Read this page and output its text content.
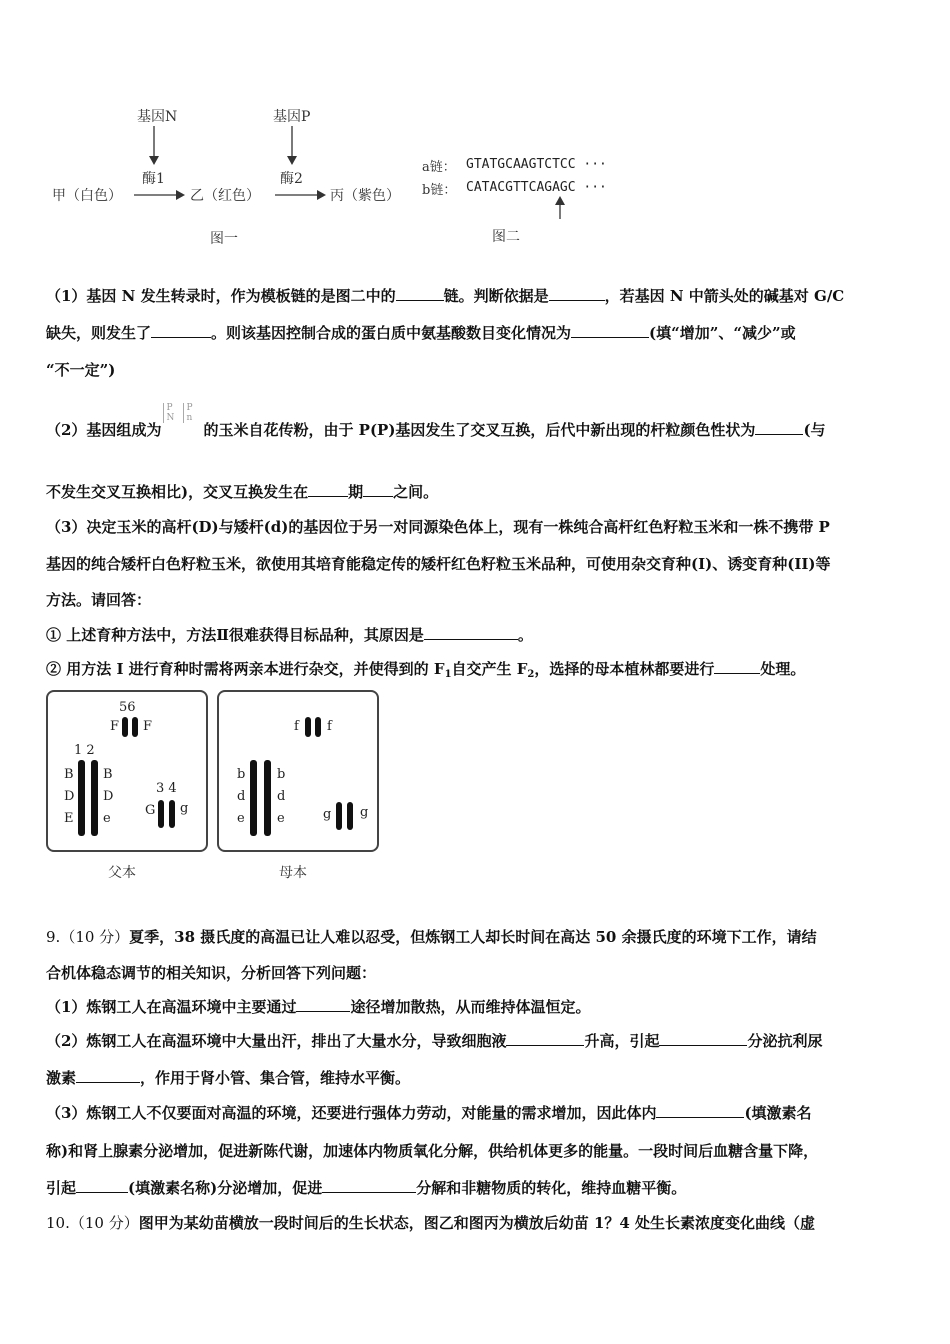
基因N
酶1
甲（白色）	乙（红色）
基因P
酶2
丙（紫色）
图一
a链： GTATGCAAGTCTCC ···
b链： CATACGTTCAGAGC ···
图二
（1）基因 N 发生转录时，作为模板链的是图二中的	链。判断依据是	，若基因 N 中箭头处的碱基对 G/C
缺失，则发生了	。则该基因控制合成的蛋白质中氨基酸数目变化情况为	(填“增加”、“减少”或
“不一定”)
（2）基因组成为
P
N
P
n
的玉米自花传粉，由于 P(P)基因发生了交叉互换，后代中新出现的杆粒颜色性状为	(与
不发生交叉互换相比)，交叉互换发生在	期 之间。
（3）决定玉米的高杆(D)与矮杆(d)的基因位于另一对同源染色体上，现有一株纯合高杆红色籽粒玉米和一株不携带 P
基因的纯合矮杆白色籽粒玉米，欲使用其培育能稳定传的矮杆红色籽粒玉米品种，可使用杂交育种(I)、诱变育种(II)等
方法。请回答：
① 上述育种方法中，方法Ⅱ很难获得目标品种，其原因是	。
② 用方法 I 进行育种时需将两亲本进行杂交，并使得到的 $F_1$自交产生 $F_2$，选择的母本植林都要进行	处理。
56
F F
1 2
B
D
E
B
D
e
3 4
G g
父本
f f
b
d
e
b
d
e	g g
母本
9.（10 分）夏季，38 摄氏度的高温已让人难以忍受，但炼钢工人却长时间在高达 50 余摄氏度的环境下工作，请结
合机体稳态调节的相关知识，分析回答下列问题：
（1）炼钢工人在高温环境中主要通过	途径增加散热，从而维持体温恒定。
（2）炼钢工人在高温环境中大量出汗，排出了大量水分，导致细胞液	升高，引起	分泌抗利尿
激素	，作用于肾小管、集合管，维持水平衡。
（3）炼钢工人不仅要面对高温的环境，还要进行强体力劳动，对能量的需求增加，因此体内	(填激素名
称)和肾上腺素分泌增加，促进新陈代谢，加速体内物质氧化分解，供给机体更多的能量。一段时间后血糖含量下降，
引起	(填激素名称)分泌增加，促进	分解和非糖物质的转化，维持血糖平衡。
10.（10 分）图甲为某幼苗横放一段时间后的生长状态，图乙和图丙为横放后幼苗 1？4 处生长素浓度变化曲线（虚
